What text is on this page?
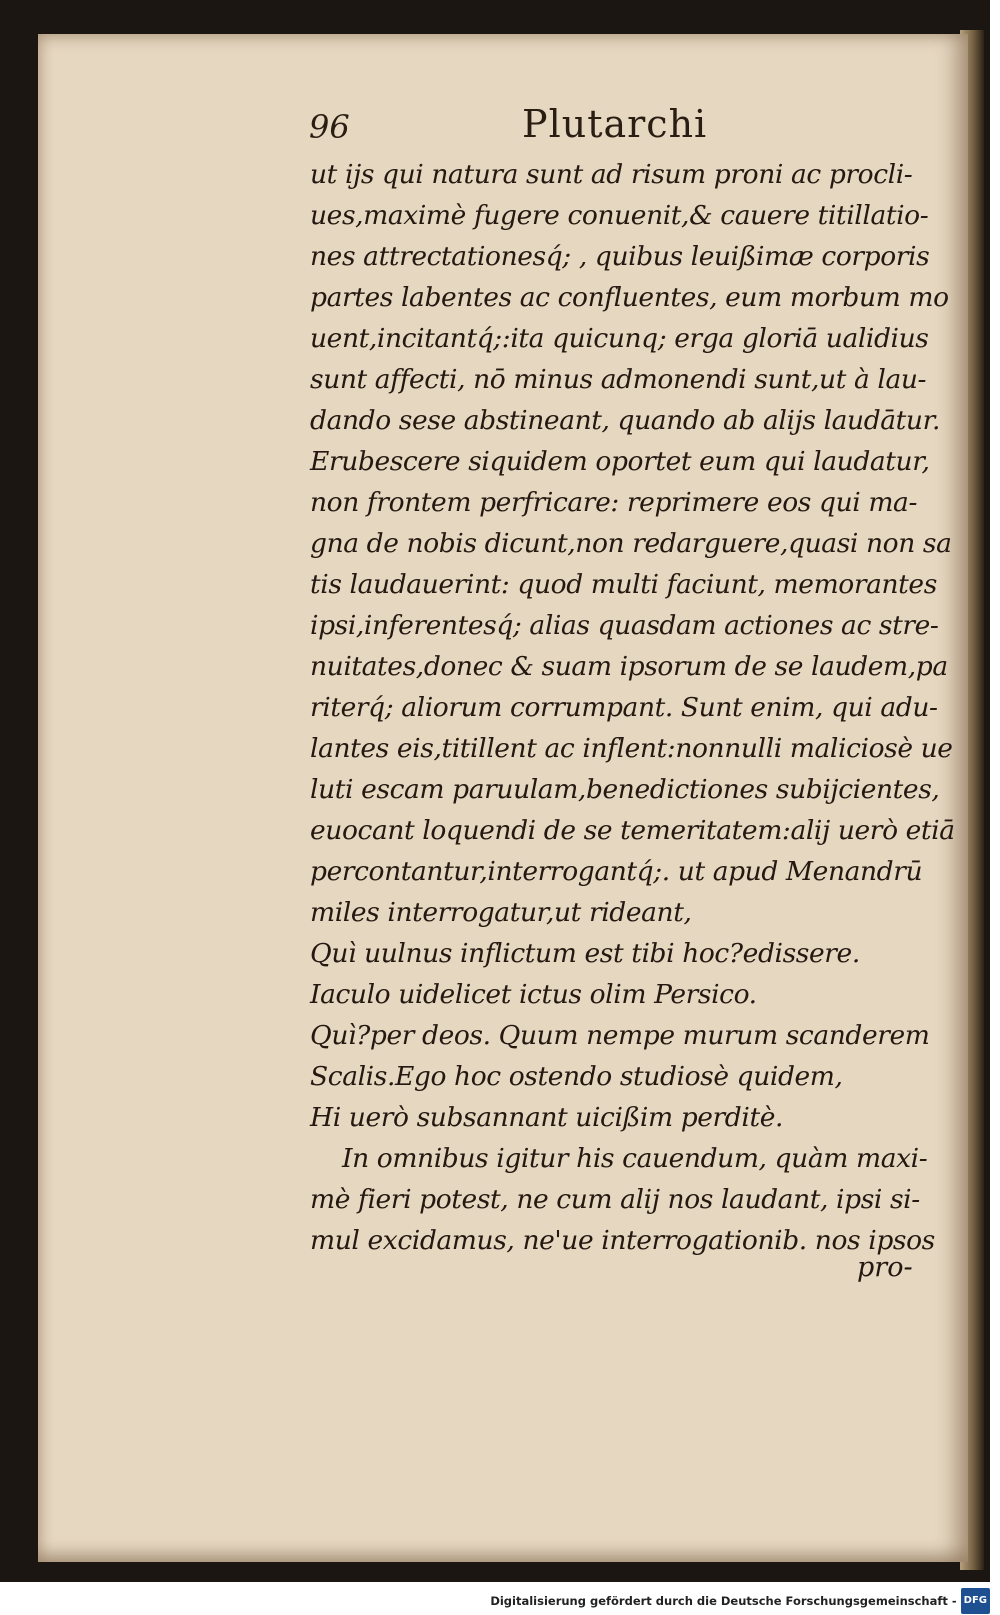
96	Plutarchi
ut ijs qui natura sunt ad risum proni ac procli-
ues,maximè fugere conuenit,& cauere titillatio-
nes attrectationesq́; , quibus leuißimæ corporis
partes labentes ac confluentes, eum morbum mo
uent,incitantq́;:ita quicunq; erga gloriā ualidius
sunt affecti, nō minus admonendi sunt,ut à lau-
dando sese abstineant, quando ab alijs laudātur.
Erubescere siquidem oportet eum qui laudatur,
non frontem perfricare: reprimere eos qui ma-
gna de nobis dicunt,non redarguere,quasi non sa
tis laudauerint: quod multi faciunt, memorantes
ipsi,inferentesq́; alias quasdam actiones ac stre-
nuitates,donec & suam ipsorum de se laudem,pa
riterq́; aliorum corrumpant. Sunt enim, qui adu-
lantes eis,titillent ac inflent:nonnulli maliciosè ue
luti escam paruulam,benedictiones subijcientes,
euocant loquendi de se temeritatem:alij uerò etiā
percontantur,interrogantq́;. ut apud Menandrū
miles interrogatur,ut rideant,
Quì uulnus inflictum est tibi hoc?edissere.
Iaculo uidelicet ictus olim Persico.
Quì?per deos. Quum nempe murum scanderem
Scalis.Ego hoc ostendo studiosè quidem,
Hi uerò subsannant uicißim perditè.
In omnibus igitur his cauendum, quàm maxi-
mè fieri potest, ne cum alij nos laudant, ipsi si-
mul excidamus, ne'ue interrogationib. nos ipsos
pro-
Digitalisierung gefördert durch die Deutsche Forschungsgemeinschaft - DFG
